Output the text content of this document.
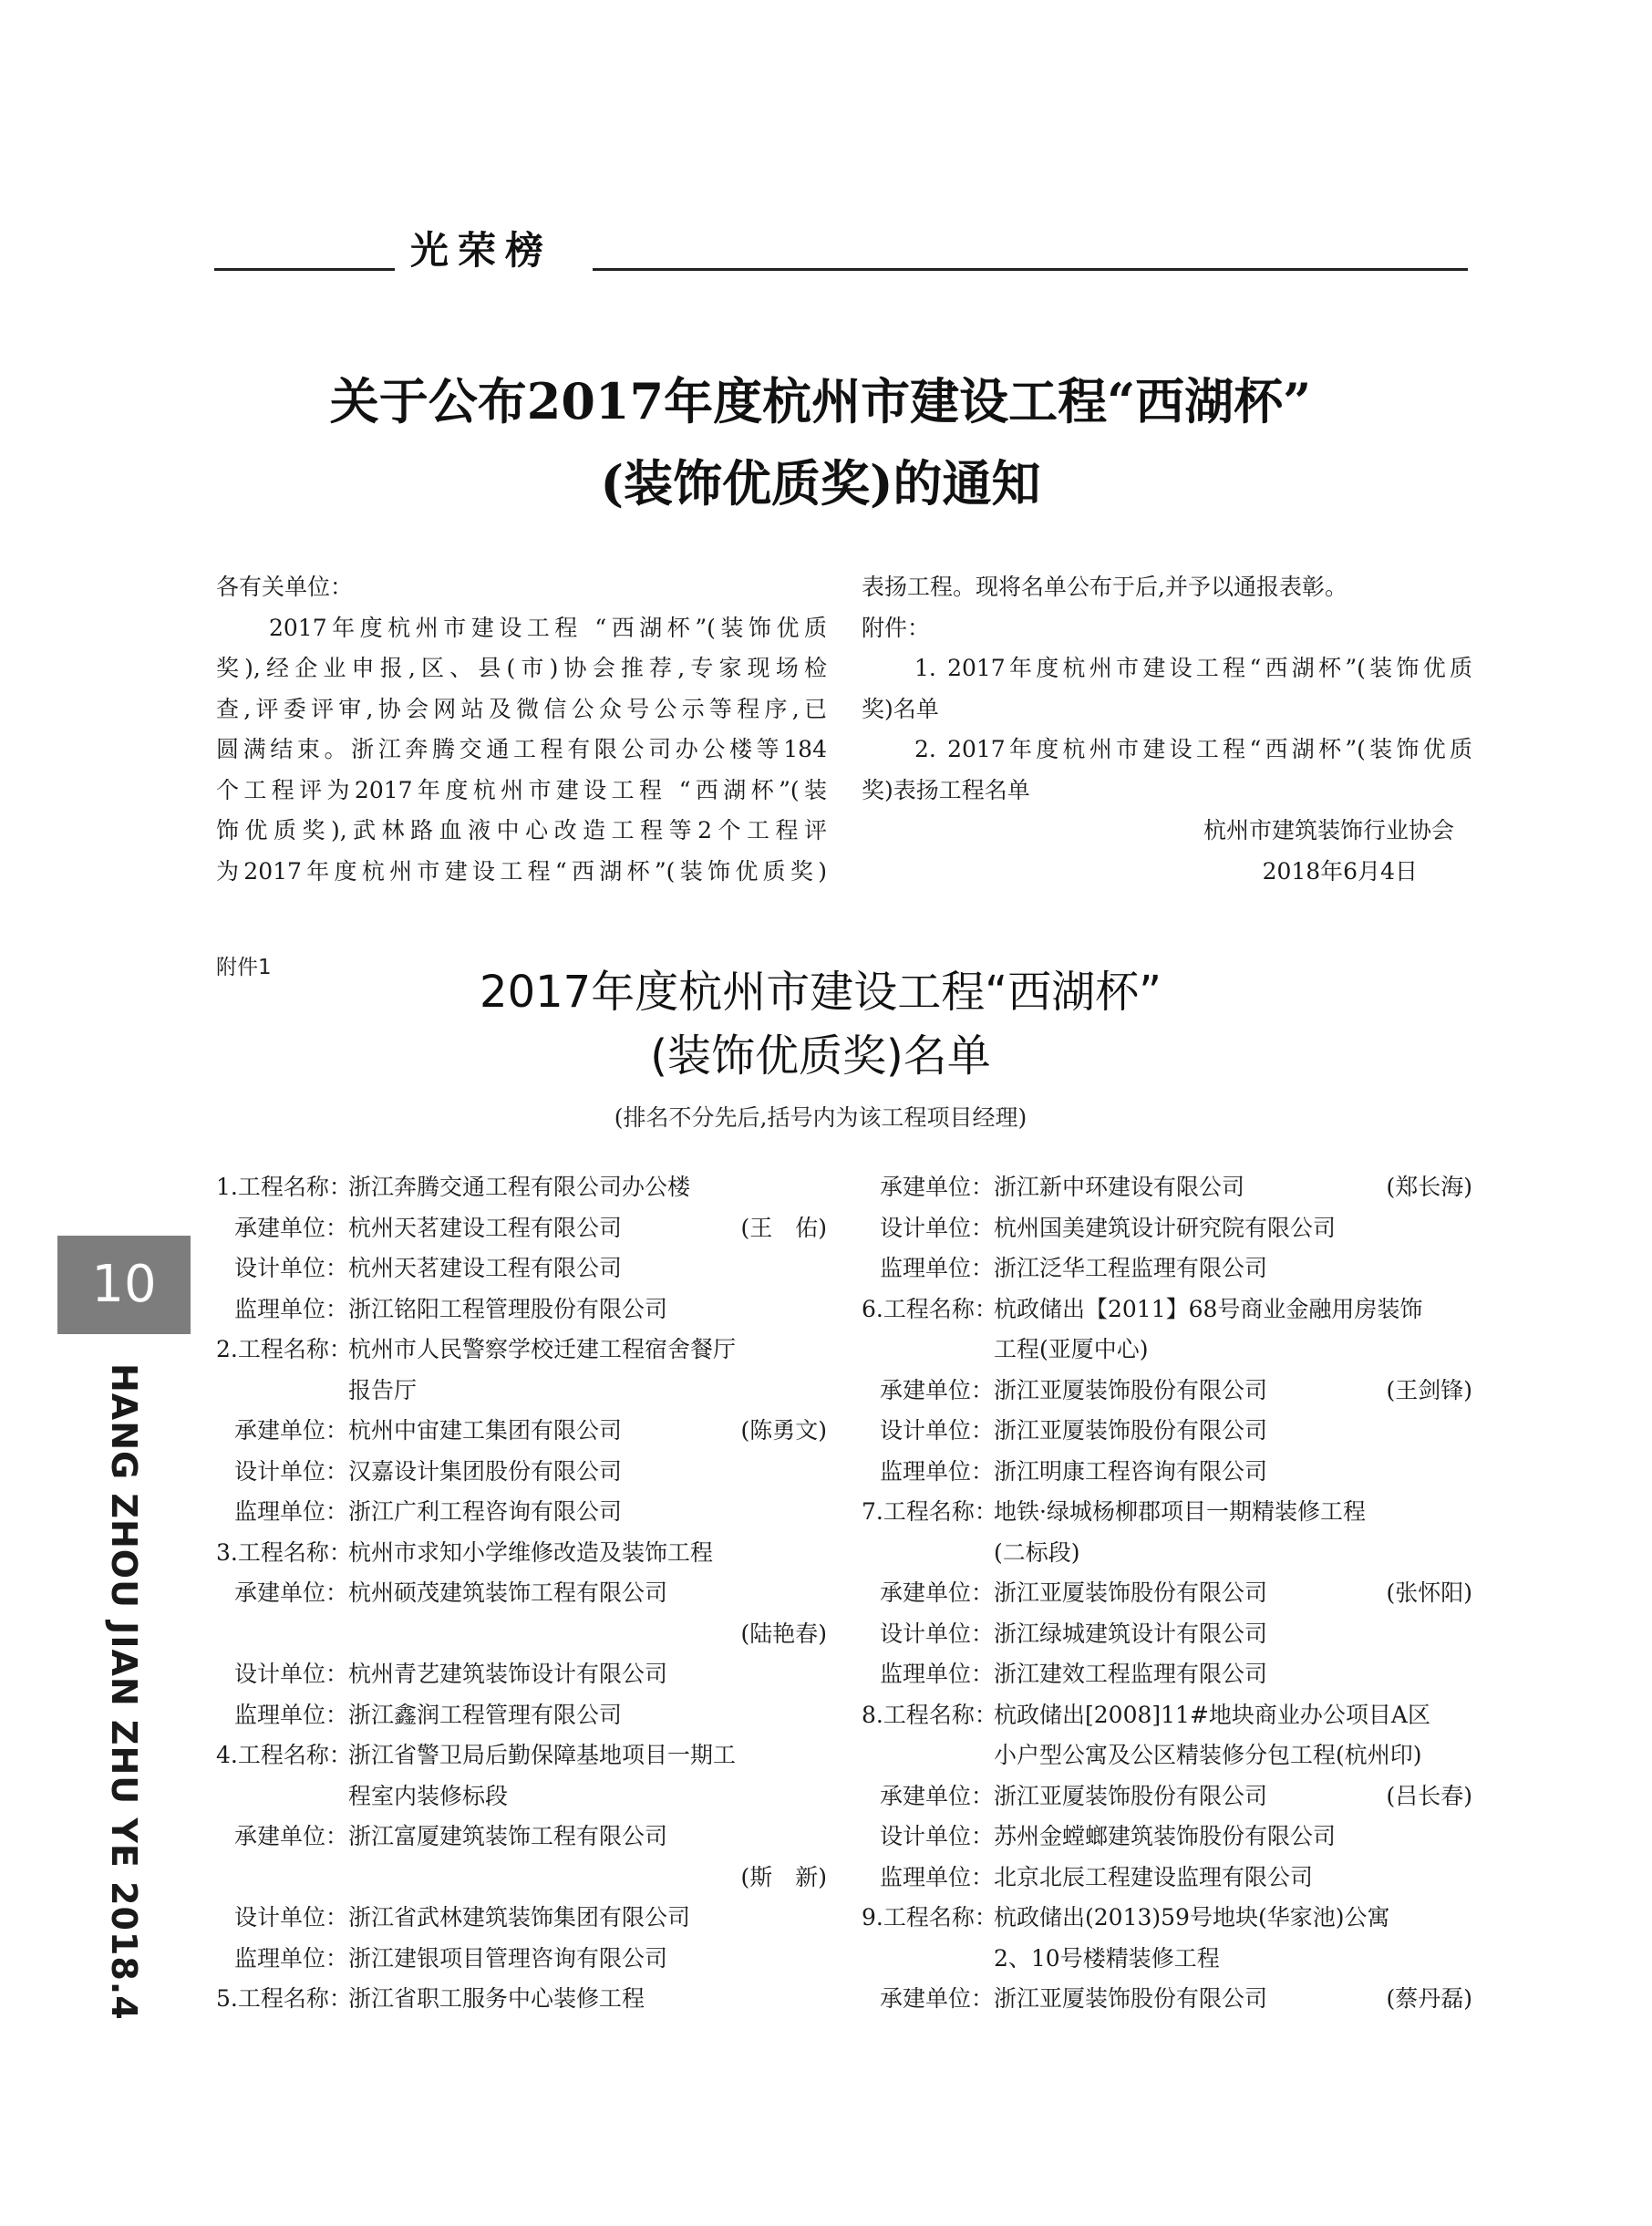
光荣榜
关于公布2017年度杭州市建设工程“西湖杯”
(装饰优质奖)的通知

各有关单位：

2017年度杭州市建设工程 “西湖杯”(装饰优质

奖),经企业申报,区、县(市)协会推荐,专家现场检

查,评委评审,协会网站及微信公众号公示等程序,已

圆满结束。浙江奔腾交通工程有限公司办公楼等184

个工程评为2017年度杭州市建设工程 “西湖杯”(装

饰优质奖),武林路血液中心改造工程等2个工程评

为2017年度杭州市建设工程“西湖杯”(装饰优质奖)

表扬工程。现将名单公布于后,并予以通报表彰。

附件：

1. 2017年度杭州市建设工程“西湖杯”(装饰优质

奖)名单

2. 2017年度杭州市建设工程“西湖杯”(装饰优质

奖)表扬工程名单

杭州市建筑装饰行业协会

2018年6月4日

附件1	2017年度杭州市建设工程“西湖杯”
(装饰优质奖)名单
(排名不分先后,括号内为该工程项目经理)
1.工程名称：
浙江奔腾交通工程有限公司办公楼
承建单位： 杭州天茗建设工程有限公司	(王　佑)
设计单位： 杭州天茗建设工程有限公司
监理单位： 浙江铭阳工程管理股份有限公司
2.工程名称：
杭州市人民警察学校迁建工程宿舍餐厅
报告厅
承建单位： 杭州中宙建工集团有限公司	(陈勇文)
设计单位： 汉嘉设计集团股份有限公司
监理单位： 浙江广利工程咨询有限公司
3.工程名称：
杭州市求知小学维修改造及装饰工程
承建单位： 杭州硕茂建筑装饰工程有限公司
(陆艳春)
设计单位： 杭州青艺建筑装饰设计有限公司
监理单位： 浙江鑫润工程管理有限公司
4.工程名称：
浙江省警卫局后勤保障基地项目一期工
程室内装修标段
承建单位： 浙江富厦建筑装饰工程有限公司
(斯　新)
设计单位： 浙江省武林建筑装饰集团有限公司
监理单位： 浙江建银项目管理咨询有限公司
5.工程名称：
浙江省职工服务中心装修工程
承建单位： 浙江新中环建设有限公司	(郑长海)
设计单位： 杭州国美建筑设计研究院有限公司
监理单位： 浙江泛华工程监理有限公司
6.工程名称：
杭政储出【2011】68号商业金融用房装饰
工程(亚厦中心)
承建单位： 浙江亚厦装饰股份有限公司	(王剑锋)
设计单位： 浙江亚厦装饰股份有限公司
监理单位： 浙江明康工程咨询有限公司
7.工程名称：
地铁·绿城杨柳郡项目一期精装修工程
(二标段)
承建单位： 浙江亚厦装饰股份有限公司	(张怀阳)
设计单位： 浙江绿城建筑设计有限公司
监理单位： 浙江建效工程监理有限公司
8.工程名称：
杭政储出[2008]11#地块商业办公项目A区
小户型公寓及公区精装修分包工程(杭州印)
承建单位： 浙江亚厦装饰股份有限公司	(吕长春)
设计单位： 苏州金螳螂建筑装饰股份有限公司
监理单位： 北京北辰工程建设监理有限公司
9.工程名称：
杭政储出(2013)59号地块(华家池)公寓
2、10号楼精装修工程
承建单位： 浙江亚厦装饰股份有限公司	(蔡丹磊)
10
HANG ZHOU JIAN ZHU YE 2018.4
